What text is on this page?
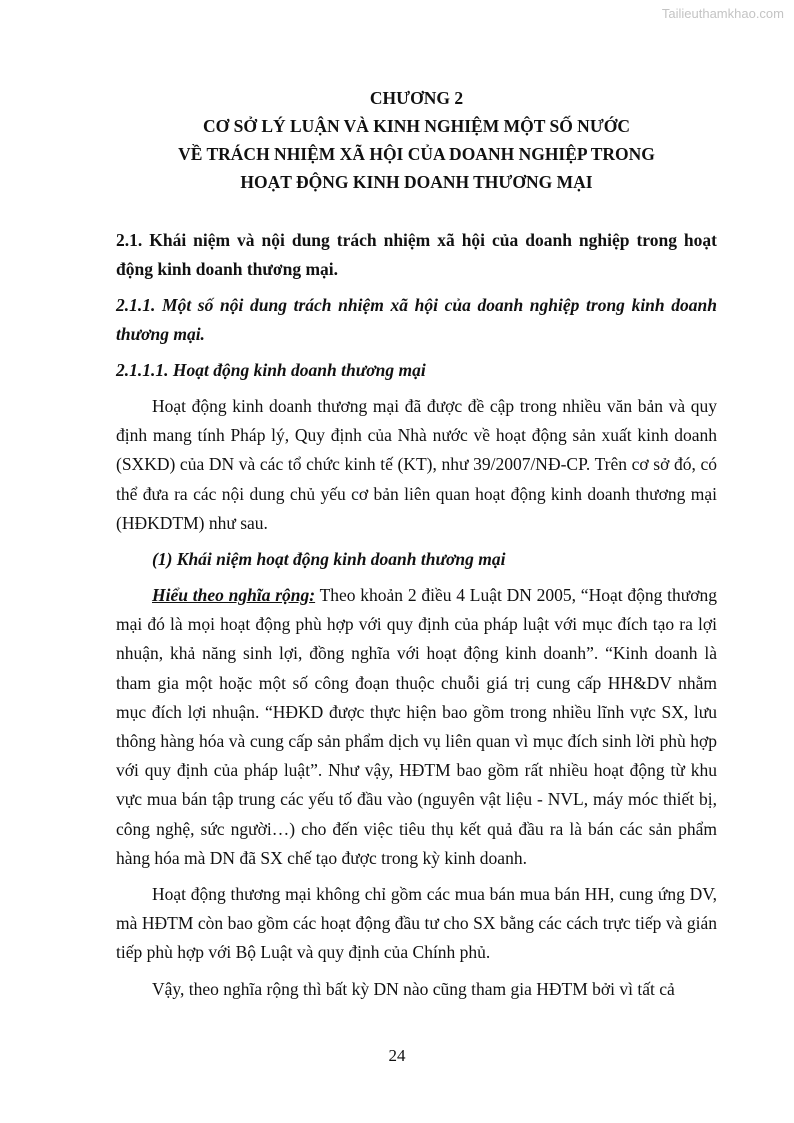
Tailieuthamkhao.com
CHƯƠNG 2
CƠ SỞ LÝ LUẬN VÀ KINH NGHIỆM MỘT SỐ NƯỚC
VỀ TRÁCH NHIỆM XÃ HỘI CỦA DOANH NGHIỆP TRONG
HOẠT ĐỘNG KINH DOANH THƯƠNG MẠI

2.1. Khái niệm và nội dung trách nhiệm xã hội của doanh nghiệp trong hoạt động kinh doanh thương mại.

2.1.1. Một số nội dung trách nhiệm xã hội của doanh nghiệp trong kinh doanh thương mại.

2.1.1.1. Hoạt động kinh doanh thương mại

Hoạt động kinh doanh thương mại đã được đề cập trong nhiều văn bản và quy định mang tính Pháp lý, Quy định của Nhà nước về hoạt động sản xuất kinh doanh (SXKD) của DN và các tổ chức kinh tế (KT), như 39/2007/NĐ-CP. Trên cơ sở đó, có thể đưa ra các nội dung chủ yếu cơ bản liên quan hoạt động kinh doanh thương mại (HĐKDTM) như sau.

(1) Khái niệm hoạt động kinh doanh thương mại

Hiểu theo nghĩa rộng: Theo khoản 2 điều 4 Luật DN 2005, “Hoạt động thương mại đó là mọi hoạt động phù hợp với quy định của pháp luật với mục đích tạo ra lợi nhuận, khả năng sinh lợi, đồng nghĩa với hoạt động kinh doanh”. “Kinh doanh là tham gia một hoặc một số công đoạn thuộc chuỗi giá trị cung cấp HH&DV nhằm mục đích lợi nhuận. “HĐKD được thực hiện bao gồm trong nhiều lĩnh vực SX, lưu thông hàng hóa và cung cấp sản phẩm dịch vụ liên quan vì mục đích sinh lời phù hợp với quy định của pháp luật”. Như vậy, HĐTM bao gồm rất nhiều hoạt động từ khu vực mua bán tập trung các yếu tố đầu vào (nguyên vật liệu - NVL, máy móc thiết bị, công nghệ, sức người…) cho đến việc tiêu thụ kết quả đầu ra là bán các sản phẩm hàng hóa mà DN đã SX chế tạo được trong kỳ kinh doanh.

Hoạt động thương mại không chỉ gồm các mua bán mua bán HH, cung ứng DV, mà HĐTM còn bao gồm các hoạt động đầu tư cho SX bằng các cách trực tiếp và gián tiếp phù hợp với Bộ Luật và quy định của Chính phủ.

Vậy, theo nghĩa rộng thì bất kỳ DN nào cũng tham gia HĐTM bởi vì tất cả

24
